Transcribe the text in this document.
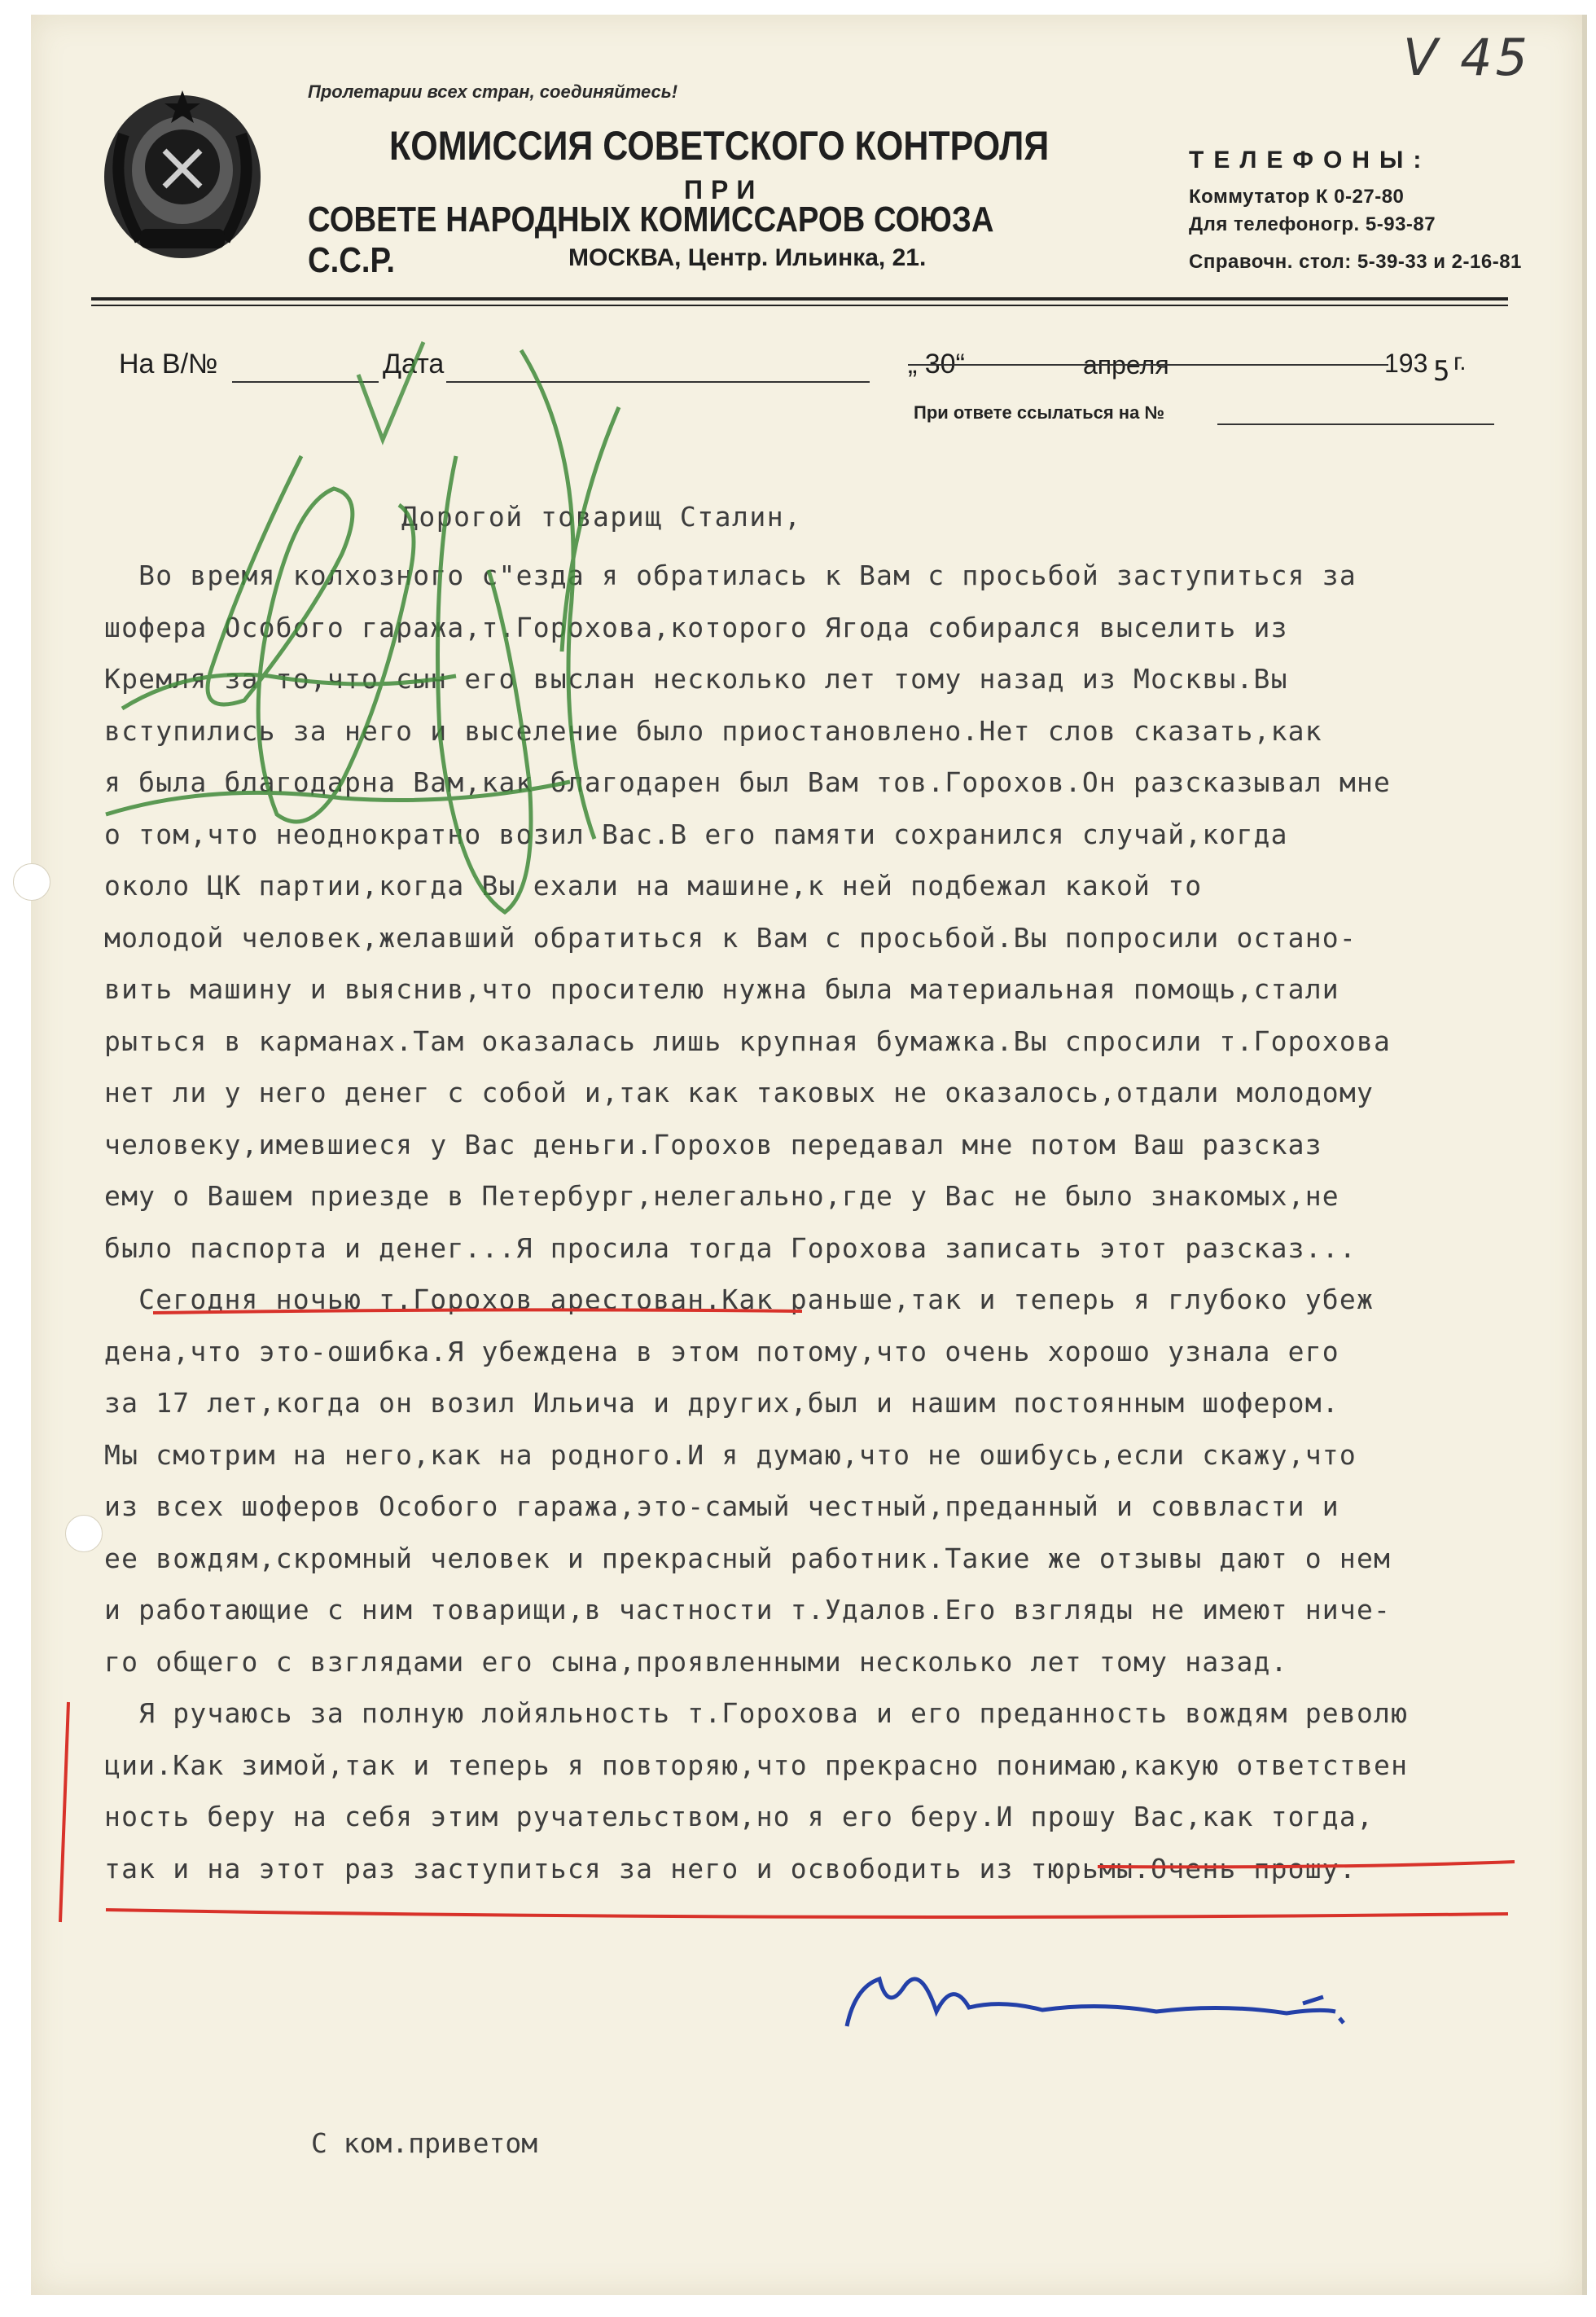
V 45
Пролетарии всех стран, соединяйтесь!
КОМИССИЯ СОВЕТСКОГО КОНТРОЛЯ
ПРИ
СОВЕТЕ НАРОДНЫХ КОМИССАРОВ СОЮЗА С.С.Р.	МОСКВА, Центр. Ильинка, 21.
ТЕЛЕФОНЫ:
Коммутатор К 0-27-80
Для телефоногр. 5-93-87
Справочн. стол: 5-39-33 и 2-16-81
На В/№	Дата	„ 30“	апреля	193 5 г.
При ответе ссылаться на №
Дорогой товарищ Сталин,
Во время колхозного с"езда я обратилась к Вам с просьбой заступиться за
шофера Особого гаража,т.Горохова,которого Ягода собирался выселить из
Кремля за то,что сын его выслан несколько лет тому назад из Москвы.Вы
вступились за него и выселение было приостановлено.Нет слов сказать,как
я была благодарна Вам,как благодарен был Вам тов.Горохов.Он разсказывал мне
о том,что неоднократно возил Вас.В его памяти сохранился случай,когда
около ЦК партии,когда Вы ехали на машине,к ней подбежал какой то
молодой человек,желавший обратиться к Вам с просьбой.Вы попросили остано-
вить машину и выяснив,что просителю нужна была материальная помощь,стали
рыться в карманах.Там оказалась лишь крупная бумажка.Вы спросили т.Горохова
нет ли у него денег с собой и,так как таковых не оказалось,отдали молодому
человеку,имевшиеся у Вас деньги.Горохов передавал мне потом Ваш разсказ
ему о Вашем приезде в Петербург,нелегально,где у Вас не было знакомых,не
было паспорта и денег...Я просила тогда Горохова записать этот разсказ...
Сегодня ночью т.Горохов арестован.Как раньше,так и теперь я глубоко убеж
дена,что это-ошибка.Я убеждена в этом потому,что очень хорошо узнала его
за 17 лет,когда он возил Ильича и других,был и нашим постоянным шофером.
Мы смотрим на него,как на родного.И я думаю,что не ошибусь,если скажу,что
из всех шоферов Особого гаража,это-самый честный,преданный и соввласти и
ее вождям,скромный человек и прекрасный работник.Такие же отзывы дают о нем
и работающие с ним товарищи,в частности т.Удалов.Его взгляды не имеют ниче-
го общего с взглядами его сына,проявленными несколько лет тому назад.
Я ручаюсь за полную лойяльность т.Горохова и его преданность вождям револю
ции.Как зимой,так и теперь я повторяю,что прекрасно понимаю,какую ответствен
ность беру на себя этим ручательством,но я его беру.И прошу Вас,как тогда,
так и на этот раз заступиться за него и освободить из тюрьмы.Очень прошу.
С ком.приветом
